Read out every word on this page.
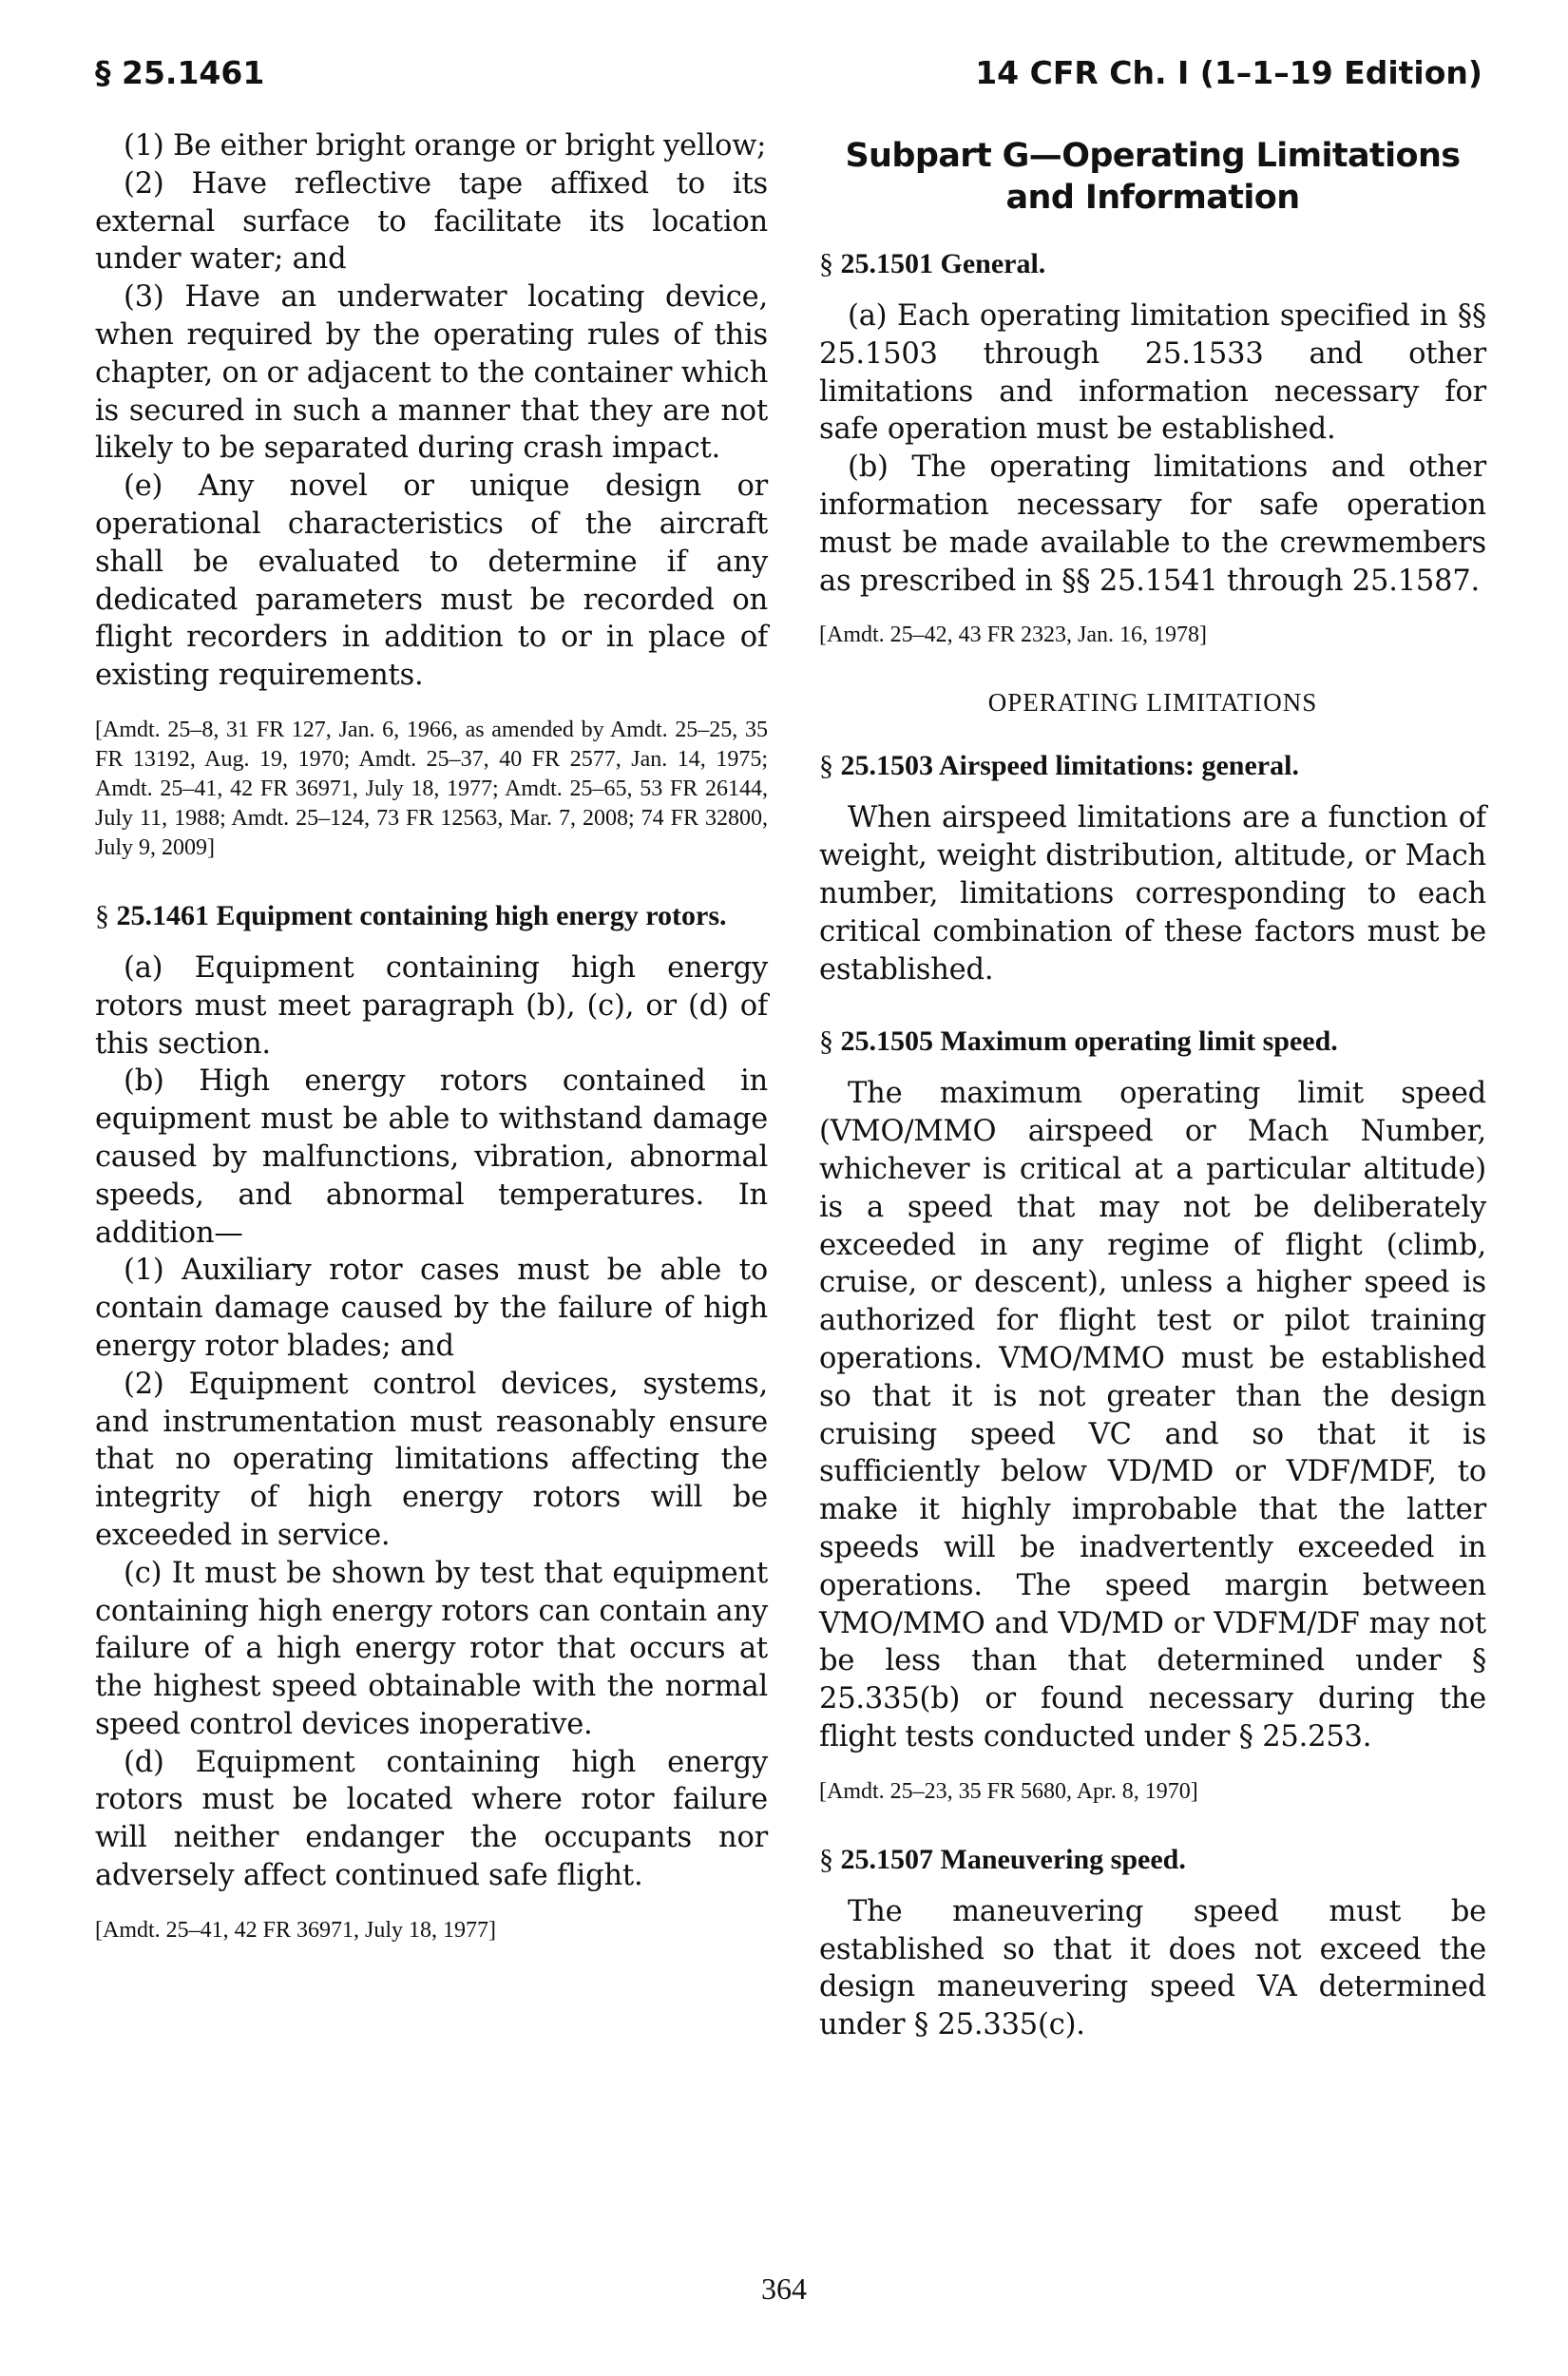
§ 25.1461	14 CFR Ch. I (1–1–19 Edition)

(1) Be either bright orange or bright yellow;

(2) Have reflective tape affixed to its external surface to facilitate its location under water; and

(3) Have an underwater locating device, when required by the operating rules of this chapter, on or adjacent to the container which is secured in such a manner that they are not likely to be separated during crash impact.

(e) Any novel or unique design or operational characteristics of the aircraft shall be evaluated to determine if any dedicated parameters must be recorded on flight recorders in addition to or in place of existing requirements.

[Amdt. 25–8, 31 FR 127, Jan. 6, 1966, as amended by Amdt. 25–25, 35 FR 13192, Aug. 19, 1970; Amdt. 25–37, 40 FR 2577, Jan. 14, 1975; Amdt. 25–41, 42 FR 36971, July 18, 1977; Amdt. 25–65, 53 FR 26144, July 11, 1988; Amdt. 25–124, 73 FR 12563, Mar. 7, 2008; 74 FR 32800, July 9, 2009]

§ 25.1461 Equipment containing high energy rotors.

(a) Equipment containing high energy rotors must meet paragraph (b), (c), or (d) of this section.

(b) High energy rotors contained in equipment must be able to withstand damage caused by malfunctions, vibration, abnormal speeds, and abnormal temperatures. In addition—

(1) Auxiliary rotor cases must be able to contain damage caused by the failure of high energy rotor blades; and

(2) Equipment control devices, systems, and instrumentation must reasonably ensure that no operating limitations affecting the integrity of high energy rotors will be exceeded in service.

(c) It must be shown by test that equipment containing high energy rotors can contain any failure of a high energy rotor that occurs at the highest speed obtainable with the normal speed control devices inoperative.

(d) Equipment containing high energy rotors must be located where rotor failure will neither endanger the occupants nor adversely affect continued safe flight.

[Amdt. 25–41, 42 FR 36971, July 18, 1977]

Subpart G—Operating Limitations and Information
§ 25.1501 General.

(a) Each operating limitation specified in §§ 25.1503 through 25.1533 and other limitations and information necessary for safe operation must be established.

(b) The operating limitations and other information necessary for safe operation must be made available to the crewmembers as prescribed in §§ 25.1541 through 25.1587.

[Amdt. 25–42, 43 FR 2323, Jan. 16, 1978]

OPERATING LIMITATIONS
§ 25.1503 Airspeed limitations: general.

When airspeed limitations are a function of weight, weight distribution, altitude, or Mach number, limitations corresponding to each critical combination of these factors must be established.

§ 25.1505 Maximum operating limit speed.

The maximum operating limit speed (VMO/MMO airspeed or Mach Number, whichever is critical at a particular altitude) is a speed that may not be deliberately exceeded in any regime of flight (climb, cruise, or descent), unless a higher speed is authorized for flight test or pilot training operations. VMO/MMO must be established so that it is not greater than the design cruising speed VC and so that it is sufficiently below VD/MD or VDF/MDF, to make it highly improbable that the latter speeds will be inadvertently exceeded in operations. The speed margin between VMO/MMO and VD/MD or VDFM/DF may not be less than that determined under § 25.335(b) or found necessary during the flight tests conducted under § 25.253.

[Amdt. 25–23, 35 FR 5680, Apr. 8, 1970]

§ 25.1507 Maneuvering speed.

The maneuvering speed must be established so that it does not exceed the design maneuvering speed VA determined under § 25.335(c).

364
